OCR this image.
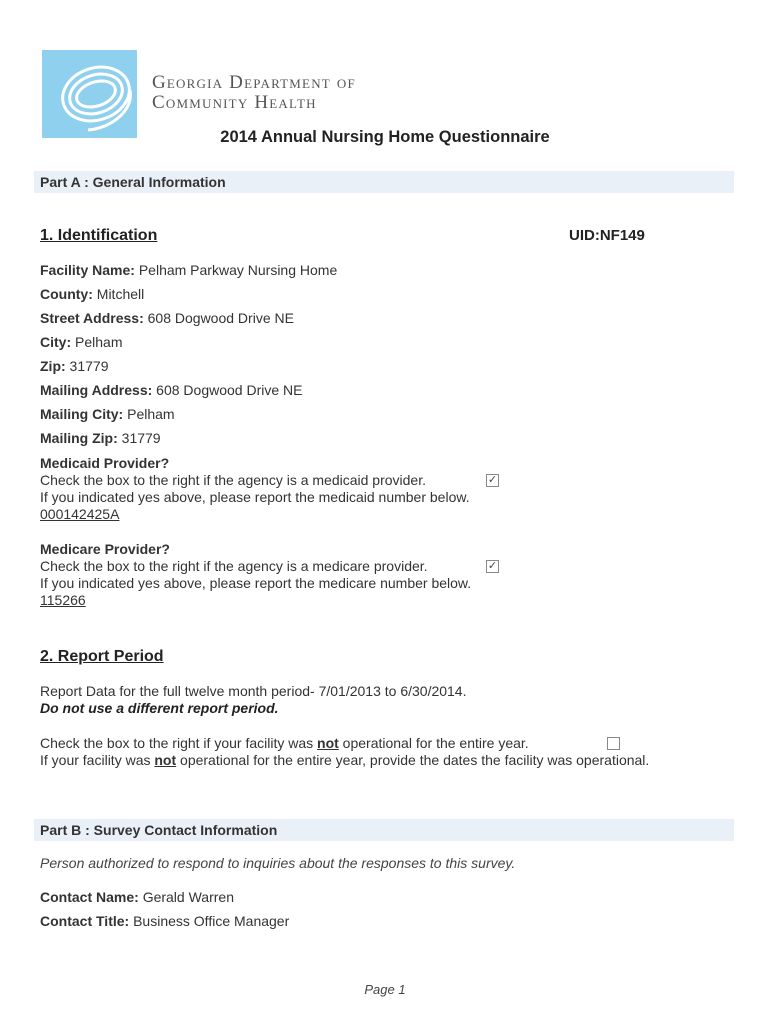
Georgia Department of
Community Health
2014 Annual Nursing Home Questionnaire
Part A : General Information
1. Identification	UID:NF149
Facility Name: Pelham Parkway Nursing Home
County: Mitchell
Street Address: 608 Dogwood Drive NE
City: Pelham
Zip: 31779
Mailing Address: 608 Dogwood Drive NE
Mailing City: Pelham
Mailing Zip: 31779
Medicaid Provider?
Check the box to the right if the agency is a medicaid provider.	✓
If you indicated yes above, please report the medicaid number below.
000142425A
Medicare Provider?
Check the box to the right if the agency is a medicare provider.	✓
If you indicated yes above, please report the medicare number below.
115266
2. Report Period
Report Data for the full twelve month period- 7/01/2013 to 6/30/2014.
Do not use a different report period.
Check the box to the right if your facility was not operational for the entire year.
If your facility was not operational for the entire year, provide the dates the facility was operational.
Part B : Survey Contact Information
Person authorized to respond to inquiries about the responses to this survey.
Contact Name: Gerald Warren
Contact Title: Business Office Manager
Page 1
